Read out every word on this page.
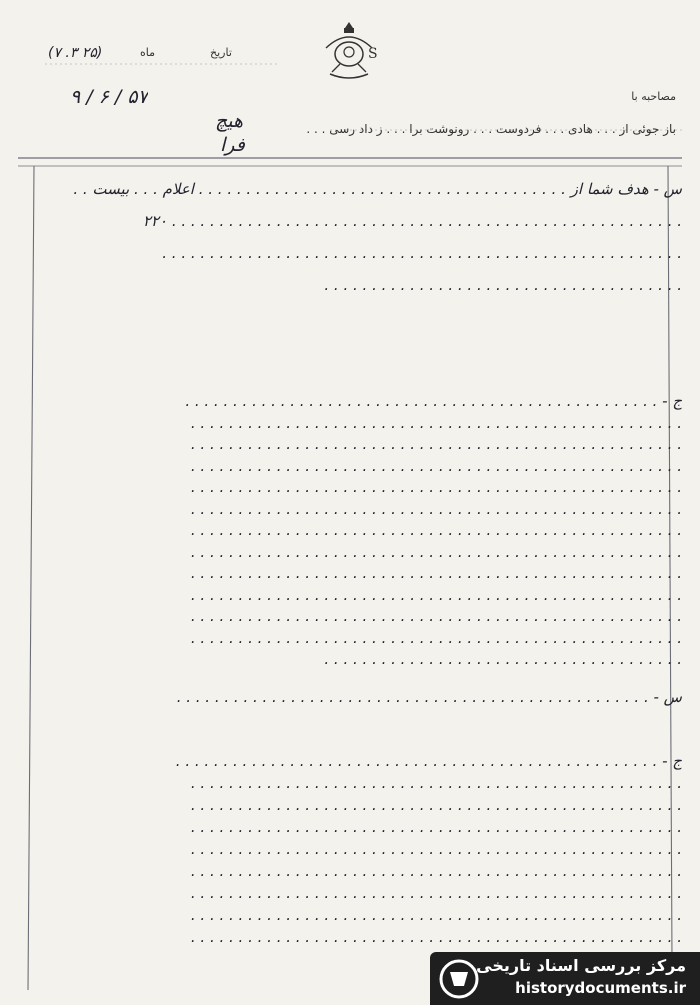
S
تاریخ
ماه
(۷ .۳ ۲۵)
۹ / ۶ / ۵۷	مصاحبه با
باز جوئی از . . . هادی . . . فردوست . . . رونوشت برا . . . ز داد رسی . . .
هیچ
فرا
س - هدف شما از . . . . . . . . . . . . . . . . . . . . . . . . . . . . . . . . . . . . . . . اعلام . . . بیست . .
۲۲۰ . . . . . . . . . . . . . . . . . . . . . . . . . . . . . . . . . . . . . . . . . . . . . . . . . . . . . .
. . . . . . . . . . . . . . . . . . . . . . . . . . . . . . . . . . . . . . . . . . . . . . . . . . . . . . .
. . . . . . . . . . . . . . . . . . . . . . . . . . . . . . . . . . . . . .
ج - . . . . . . . . . . . . . . . . . . . . . . . . . . . . . . . . . . . . . . . . . . . . . . . . . .
. . . . . . . . . . . . . . . . . . . . . . . . . . . . . . . . . . . . . . . . . . . . . . . . . . . .
. . . . . . . . . . . . . . . . . . . . . . . . . . . . . . . . . . . . . . . . . . . . . . . . . . . .
. . . . . . . . . . . . . . . . . . . . . . . . . . . . . . . . . . . . . . . . . . . . . . . . . . . .
. . . . . . . . . . . . . . . . . . . . . . . . . . . . . . . . . . . . . . . . . . . . . . . . . . . .
. . . . . . . . . . . . . . . . . . . . . . . . . . . . . . . . . . . . . . . . . . . . . . . . . . . .
. . . . . . . . . . . . . . . . . . . . . . . . . . . . . . . . . . . . . . . . . . . . . . . . . . . .
. . . . . . . . . . . . . . . . . . . . . . . . . . . . . . . . . . . . . . . . . . . . . . . . . . . .
. . . . . . . . . . . . . . . . . . . . . . . . . . . . . . . . . . . . . . . . . . . . . . . . . . . .
. . . . . . . . . . . . . . . . . . . . . . . . . . . . . . . . . . . . . . . . . . . . . . . . . . . .
. . . . . . . . . . . . . . . . . . . . . . . . . . . . . . . . . . . . . . . . . . . . . . . . . . . .
. . . . . . . . . . . . . . . . . . . . . . . . . . . . . . . . . . . . . . . . . . . . . . . . . . . .
. . . . . . . . . . . . . . . . . . . . . . . . . . . . . . . . . . . . . .
س - . . . . . . . . . . . . . . . . . . . . . . . . . . . . . . . . . . . . . . . . . . . . . . . . . .
ج - . . . . . . . . . . . . . . . . . . . . . . . . . . . . . . . . . . . . . . . . . . . . . . . . . . .
. . . . . . . . . . . . . . . . . . . . . . . . . . . . . . . . . . . . . . . . . . . . . . . . . . . .
. . . . . . . . . . . . . . . . . . . . . . . . . . . . . . . . . . . . . . . . . . . . . . . . . . . .
. . . . . . . . . . . . . . . . . . . . . . . . . . . . . . . . . . . . . . . . . . . . . . . . . . . .
. . . . . . . . . . . . . . . . . . . . . . . . . . . . . . . . . . . . . . . . . . . . . . . . . . . .
. . . . . . . . . . . . . . . . . . . . . . . . . . . . . . . . . . . . . . . . . . . . . . . . . . . .
. . . . . . . . . . . . . . . . . . . . . . . . . . . . . . . . . . . . . . . . . . . . . . . . . . . .
. . . . . . . . . . . . . . . . . . . . . . . . . . . . . . . . . . . . . . . . . . . . . . . . . . . .
. . . . . . . . . . . . . . . . . . . . . . . . . . . . . . . . . . . . . . . . . . . . . . . . . . . .
مرکز بررسی اسناد تاریخی
historydocuments.ir
